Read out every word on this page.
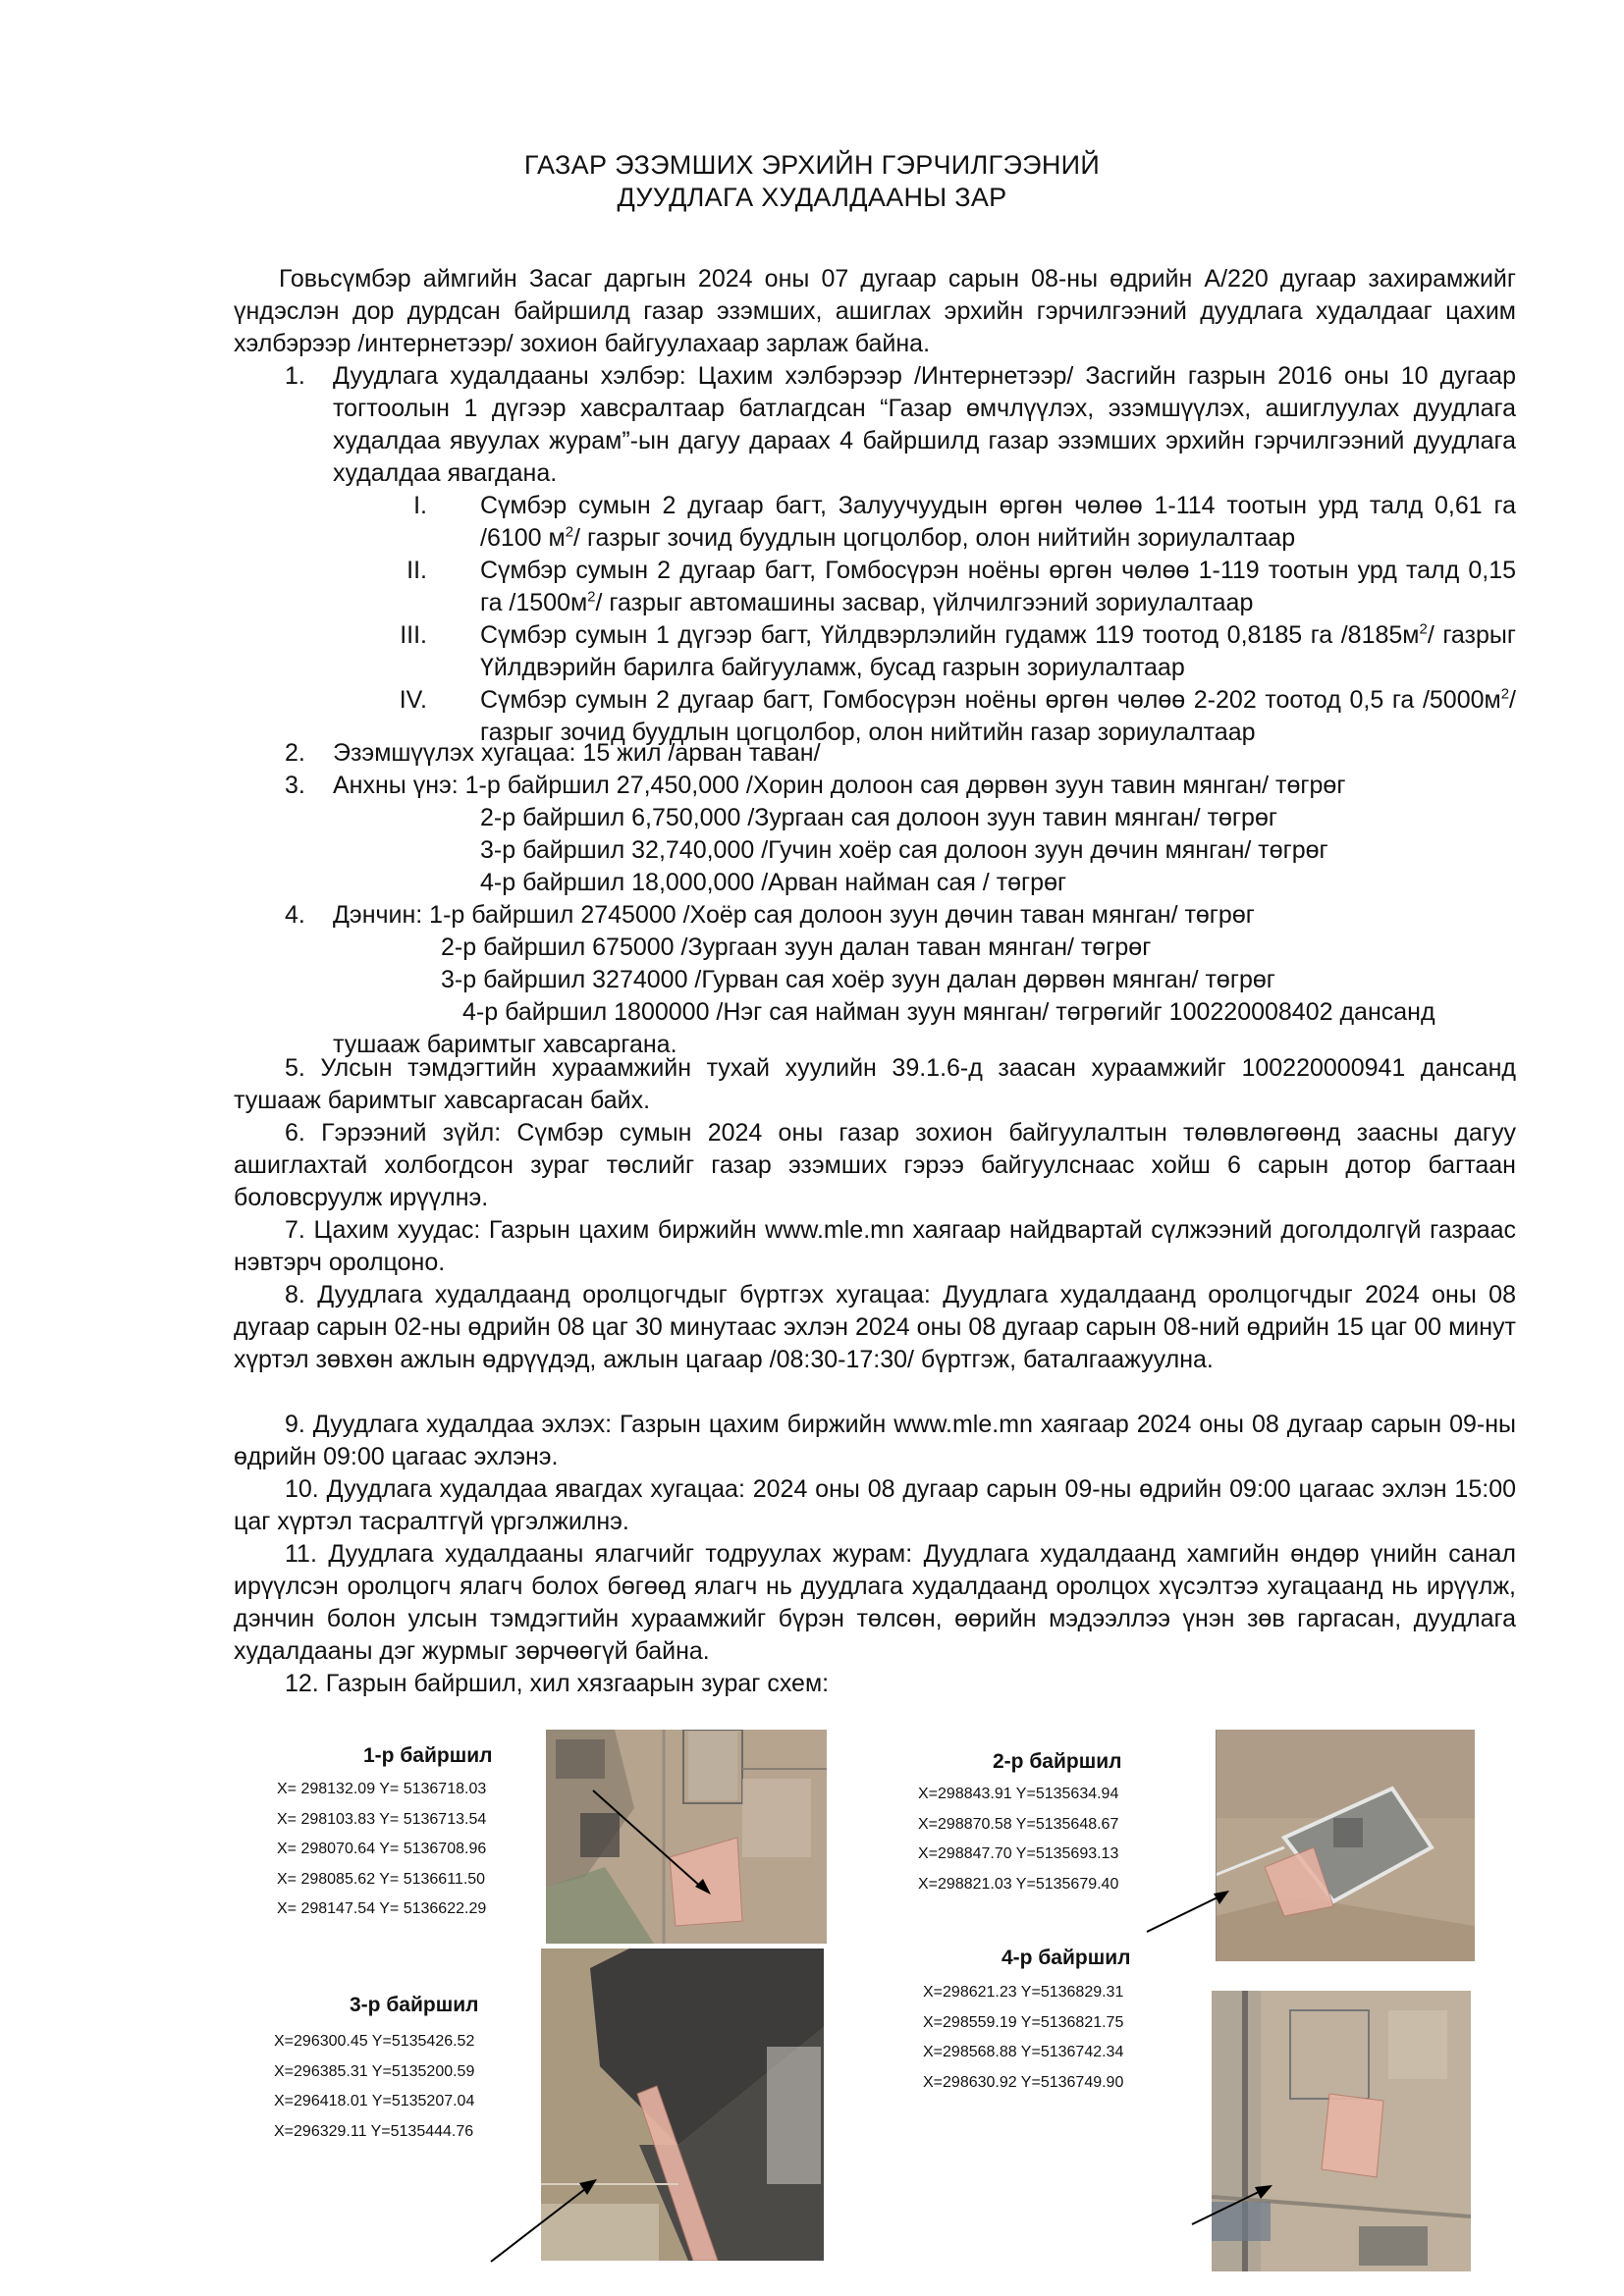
ГАЗАР ЭЗЭМШИХ ЭРХИЙН ГЭРЧИЛГЭЭНИЙ
ДУУДЛАГА ХУДАЛДААНЫ ЗАР
Говьсүмбэр аймгийн Засаг даргын 2024 оны 07 дугаар сарын 08-ны өдрийн А/220 дугаар захирамжийг үндэслэн дор дурдсан байршилд газар эзэмших, ашиглах эрхийн гэрчилгээний дуудлага худалдааг цахим хэлбэрээр /интернетээр/ зохион байгуулахаар зарлаж байна.
1. Дуудлага худалдааны хэлбэр: Цахим хэлбэрээр /Интернетээр/ Засгийн газрын 2016 оны 10 дугаар тогтоолын 1 дүгээр хавсралтаар батлагдсан “Газар өмчлүүлэх, эзэмшүүлэх, ашиглуулах дуудлага худалдаа явуулах журам”-ын дагуу дараах 4 байршилд газар эзэмших эрхийн гэрчилгээний дуудлага худалдаа явагдана.
I. Сүмбэр сумын 2 дугаар багт, Залуучуудын өргөн чөлөө 1-114 тоотын урд талд 0,61 га /6100 $м^2/$ газрыг зочид буудлын цогцолбор, олон нийтийн зориулалтаар
II. Сүмбэр сумын 2 дугаар багт, Гомбосүрэн ноёны өргөн чөлөө 1-119 тоотын урд талд 0,15 га $/1500м^2/$ газрыг автомашины засвар, үйлчилгээний зориулалтаар
III. Сүмбэр сумын 1 дүгээр багт, Үйлдвэрлэлийн гудамж 119 тоотод 0,8185 га $/8185м^2/$ газрыг Үйлдвэрийн барилга байгууламж, бусад газрын зориулалтаар
IV. Сүмбэр сумын 2 дугаар багт, Гомбосүрэн ноёны өргөн чөлөө 2-202 тоотод 0,5 га $/5000м^2/$ газрыг зочид буудлын цогцолбор, олон нийтийн газар зориулалтаар
2. Эзэмшүүлэх хугацаа: 15 жил /арван таван/
3. Анхны үнэ: 1-р байршил 27,450,000 /Хорин долоон сая дөрвөн зуун тавин мянган/ төгрөг
2-р байршил 6,750,000 /Зургаан сая долоон зуун тавин мянган/ төгрөг
3-р байршил 32,740,000 /Гучин хоёр сая долоон зуун дөчин мянган/ төгрөг
4-р байршил 18,000,000 /Арван найман сая / төгрөг
4. Дэнчин: 1-р байршил 2745000 /Хоёр сая долоон зуун дөчин таван мянган/ төгрөг
2-р байршил 675000 /Зургаан зуун далан таван мянган/ төгрөг
3-р байршил 3274000 /Гурван сая хоёр зуун далан дөрвөн мянган/ төгрөг
4-р байршил 1800000 /Нэг сая найман зуун мянган/ төгрөгийг 100220008402 дансанд
тушааж баримтыг хавсаргана.
5. Улсын тэмдэгтийн хураамжийн тухай хуулийн 39.1.6-д заасан хураамжийг 100220000941 дансанд тушааж баримтыг хавсаргасан байх.
6. Гэрээний зүйл: Сүмбэр сумын 2024 оны газар зохион байгуулалтын төлөвлөгөөнд заасны дагуу ашиглахтай холбогдсон зураг төслийг газар эзэмших гэрээ байгуулснаас хойш 6 сарын дотор багтаан боловсруулж ирүүлнэ.
7. Цахим хуудас: Газрын цахим биржийн www.mle.mn хаягаар найдвартай сүлжээний доголдолгүй газраас нэвтэрч оролцоно.
8. Дуудлага худалдаанд оролцогчдыг бүртгэх хугацаа: Дуудлага худалдаанд оролцогчдыг 2024 оны 08 дугаар сарын 02-ны өдрийн 08 цаг 30 минутаас эхлэн 2024 оны 08 дугаар сарын 08-ний өдрийн 15 цаг 00 минут хүртэл зөвхөн ажлын өдрүүдэд, ажлын цагаар /08:30-17:30/ бүртгэж, баталгаажуулна.
9. Дуудлага худалдаа эхлэх: Газрын цахим биржийн www.mle.mn хаягаар 2024 оны 08 дугаар сарын 09-ны өдрийн 09:00 цагаас эхлэнэ.
10. Дуудлага худалдаа явагдах хугацаа: 2024 оны 08 дугаар сарын 09-ны өдрийн 09:00 цагаас эхлэн 15:00 цаг хүртэл тасралтгүй үргэлжилнэ.
11. Дуудлага худалдааны ялагчийг тодруулах журам: Дуудлага худалдаанд хамгийн өндөр үнийн санал ирүүлсэн оролцогч ялагч болох бөгөөд ялагч нь дуудлага худалдаанд оролцох хүсэлтээ хугацаанд нь ирүүлж, дэнчин болон улсын тэмдэгтийн хураамжийг бүрэн төлсөн, өөрийн мэдээллээ үнэн зөв гаргасан, дуудлага худалдааны дэг журмыг зөрчөөгүй байна.
12. Газрын байршил, хил хязгаарын зураг схем:
1-р байршил
X= 298132.09 Y= 5136718.03
X= 298103.83 Y= 5136713.54
X= 298070.64 Y= 5136708.96
X= 298085.62 Y= 5136611.50
X= 298147.54 Y= 5136622.29
2-р байршил
X=298843.91 Y=5135634.94
X=298870.58 Y=5135648.67
X=298847.70 Y=5135693.13
X=298821.03 Y=5135679.40
3-р байршил
X=296300.45 Y=5135426.52
X=296385.31 Y=5135200.59
X=296418.01 Y=5135207.04
X=296329.11 Y=5135444.76
4-р байршил
X=298621.23 Y=5136829.31
X=298559.19 Y=5136821.75
X=298568.88 Y=5136742.34
X=298630.92 Y=5136749.90
